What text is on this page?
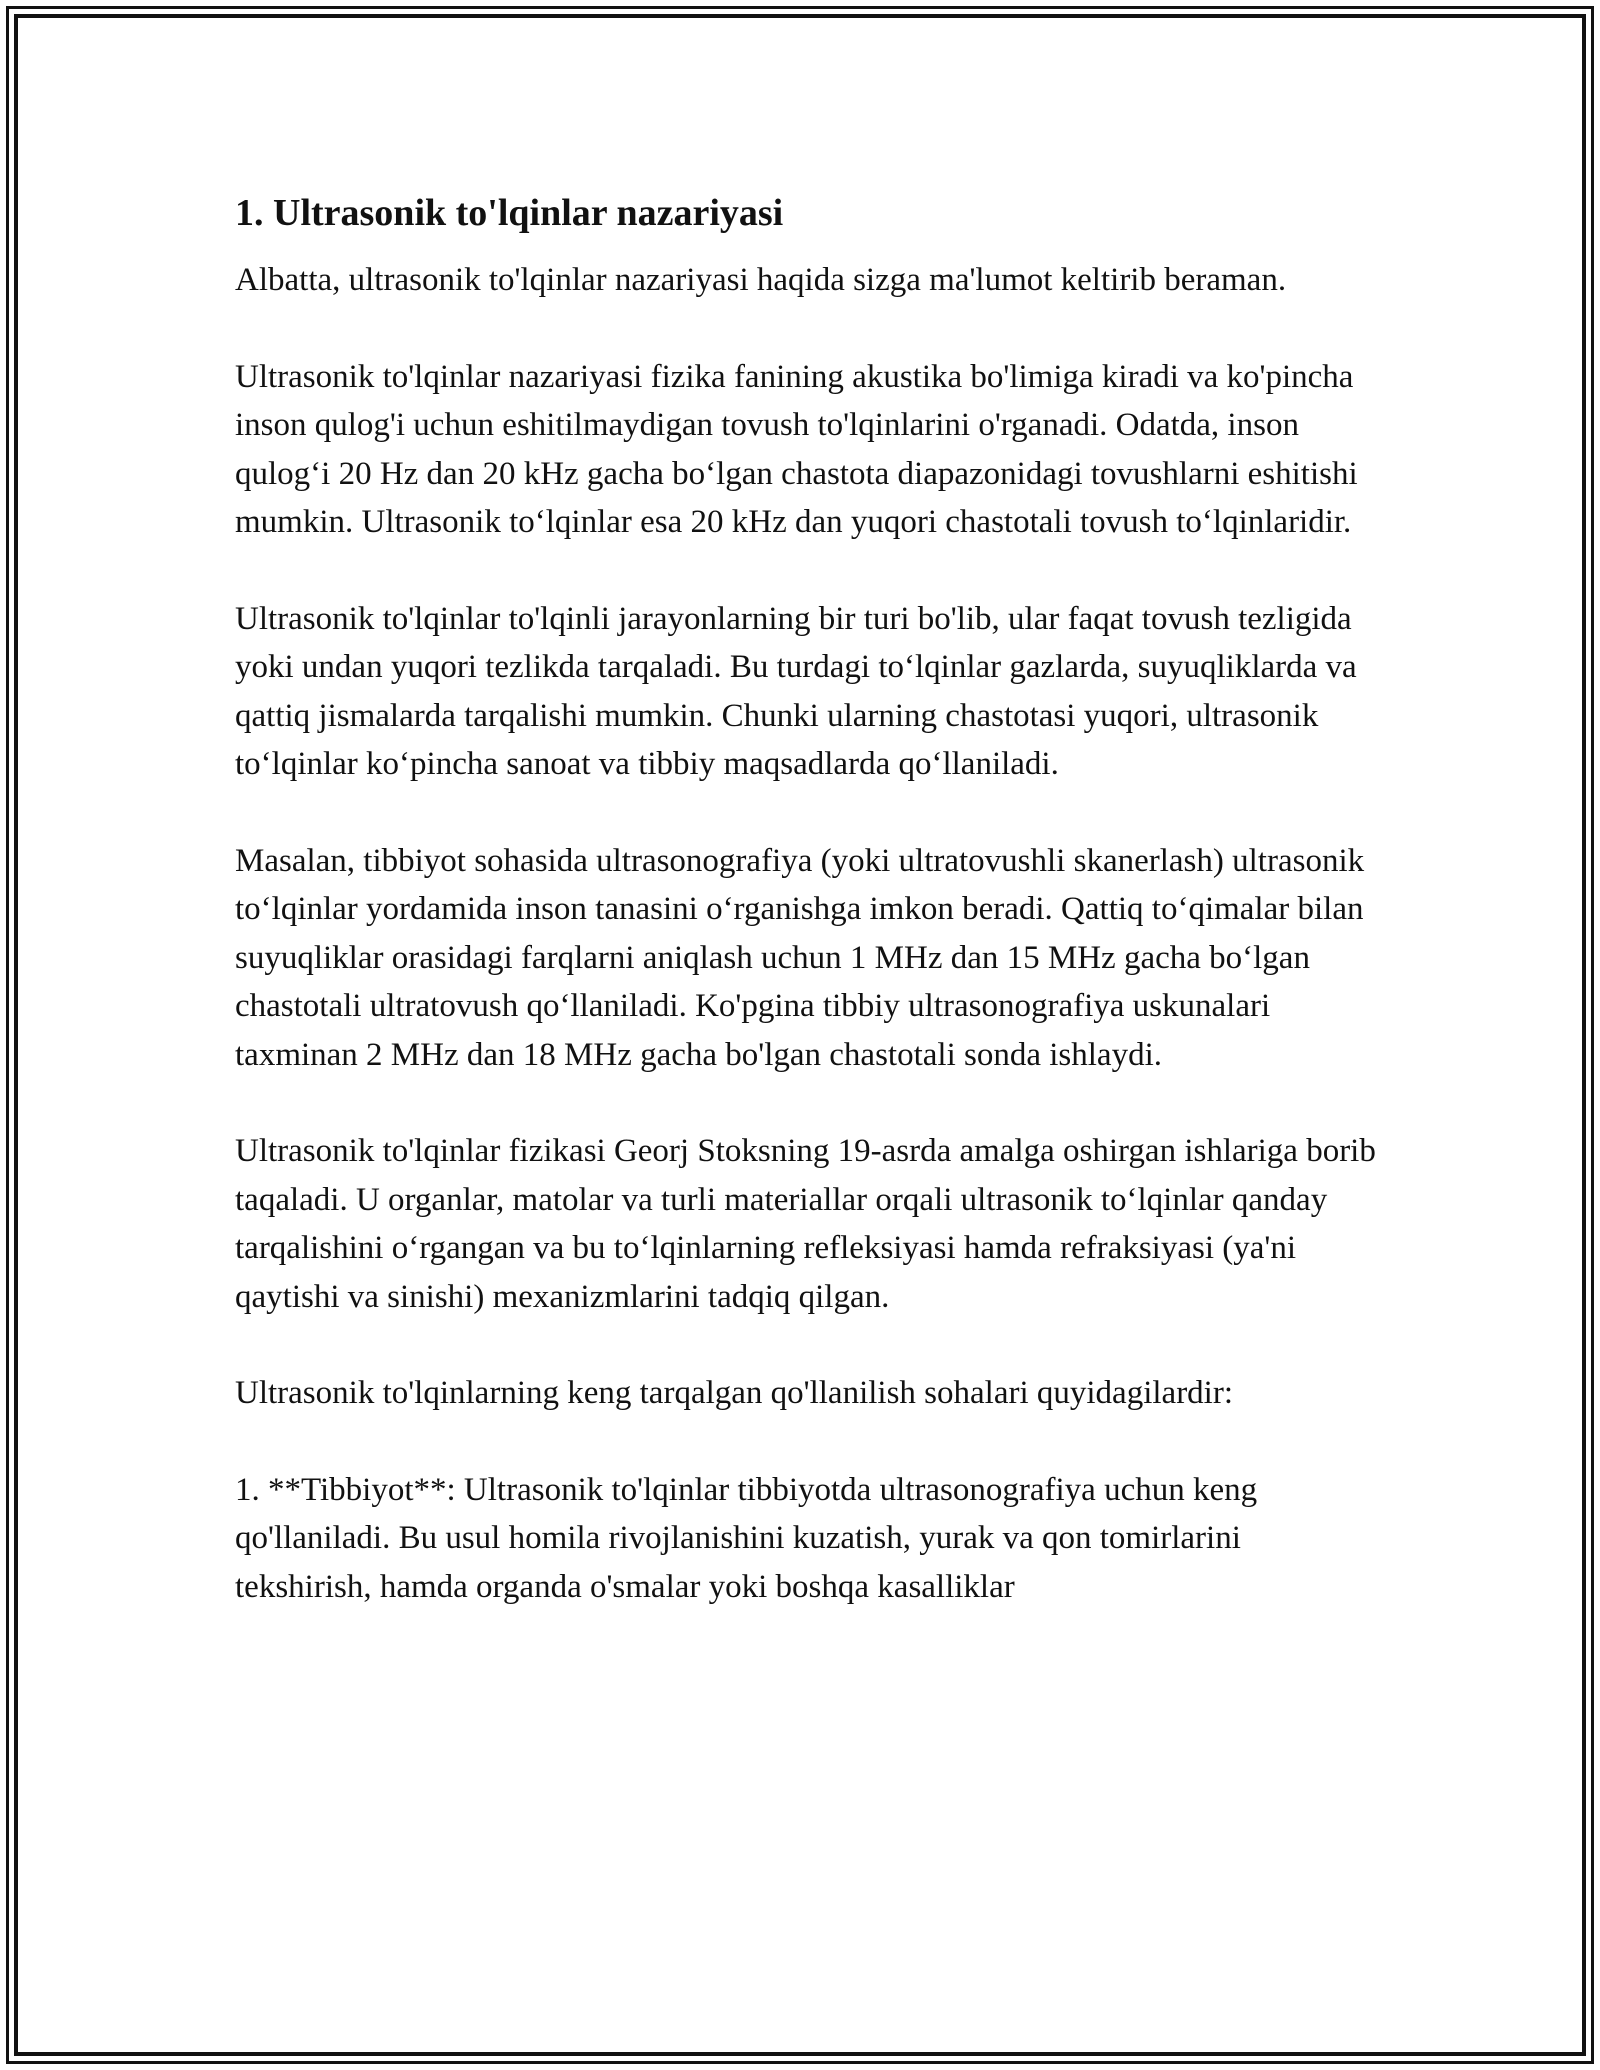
1. Ultrasonik to'lqinlar nazariyasi

Albatta, ultrasonik to'lqinlar nazariyasi haqida sizga ma'lumot keltirib beraman.

Ultrasonik to'lqinlar nazariyasi fizika fanining akustika bo'limiga kiradi va ko'pincha inson qulog'i uchun eshitilmaydigan tovush to'lqinlarini o'rganadi. Odatda, inson qulog‘i 20 Hz dan 20 kHz gacha bo‘lgan chastota diapazonidagi tovushlarni eshitishi mumkin. Ultrasonik to‘lqinlar esa 20 kHz dan yuqori chastotali tovush to‘lqinlaridir.

Ultrasonik to'lqinlar to'lqinli jarayonlarning bir turi bo'lib, ular faqat tovush tezligida yoki undan yuqori tezlikda tarqaladi. Bu turdagi to‘lqinlar gazlarda, suyuqliklarda va qattiq jismalarda tarqalishi mumkin. Chunki ularning chastotasi yuqori, ultrasonik to‘lqinlar ko‘pincha sanoat va tibbiy maqsadlarda qo‘llaniladi.

Masalan, tibbiyot sohasida ultrasonografiya (yoki ultratovushli skanerlash) ultrasonik to‘lqinlar yordamida inson tanasini o‘rganishga imkon beradi. Qattiq to‘qimalar bilan suyuqliklar orasidagi farqlarni aniqlash uchun 1 MHz dan 15 MHz gacha bo‘lgan chastotali ultratovush qo‘llaniladi. Ko'pgina tibbiy ultrasonografiya uskunalari taxminan 2 MHz dan 18 MHz gacha bo'lgan chastotali sonda ishlaydi.

Ultrasonik to'lqinlar fizikasi Georj Stoksning 19-asrda amalga oshirgan ishlariga borib taqaladi. U organlar, matolar va turli materiallar orqali ultrasonik to‘lqinlar qanday tarqalishini o‘rgangan va bu to‘lqinlarning refleksiyasi hamda refraksiyasi (ya'ni qaytishi va sinishi) mexanizmlarini tadqiq qilgan.

Ultrasonik to'lqinlarning keng tarqalgan qo'llanilish sohalari quyidagilardir:

1. **Tibbiyot**: Ultrasonik to'lqinlar tibbiyotda ultrasonografiya uchun keng qo'llaniladi. Bu usul homila rivojlanishini kuzatish, yurak va qon tomirlarini tekshirish, hamda organda o'smalar yoki boshqa kasalliklar
